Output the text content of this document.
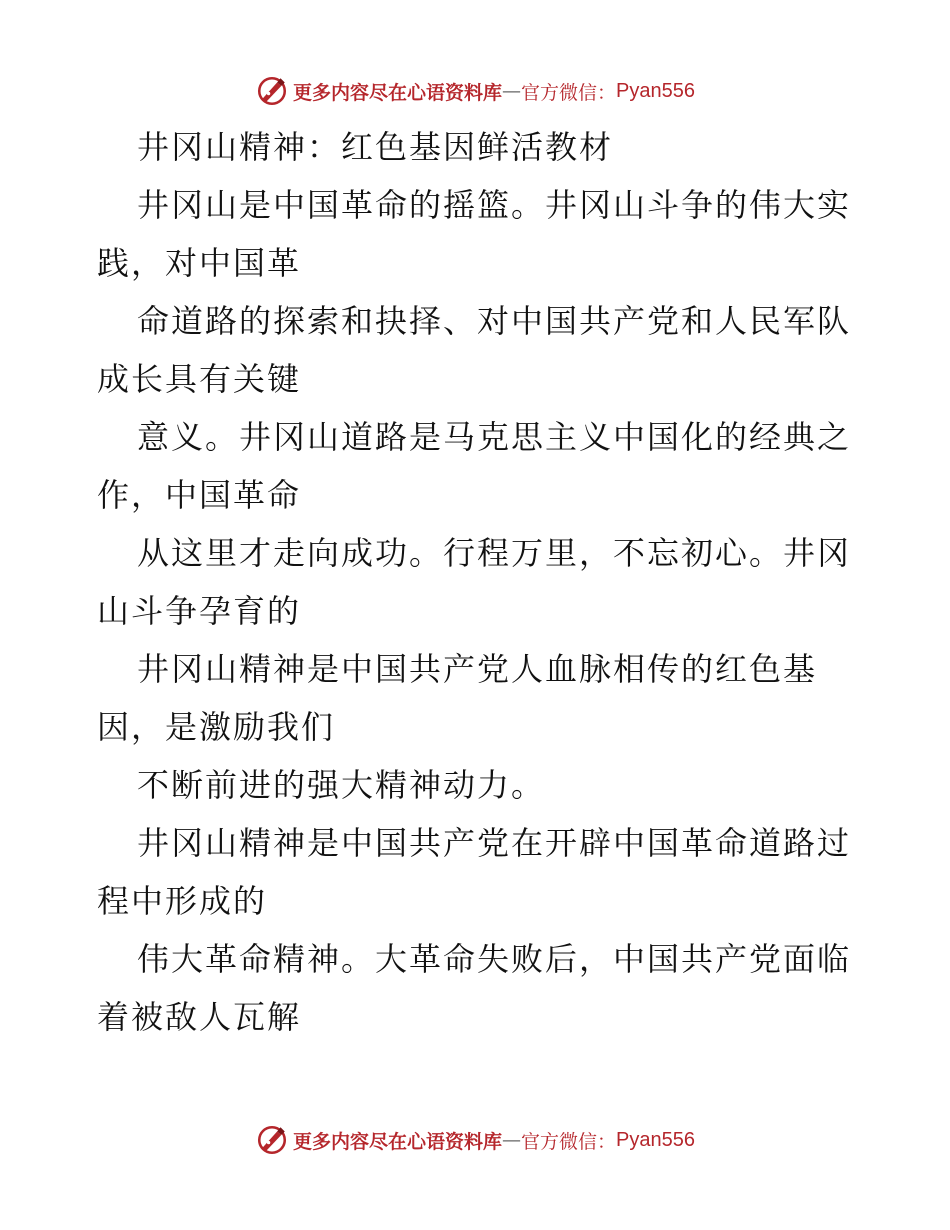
更多内容尽在心语资料库 — 官方微信： Pyan556
井冈山精神：红色基因鲜活教材
井冈山是中国革命的摇篮。井冈山斗争的伟大实
践，对中国革
命道路的探索和抉择、对中国共产党和人民军队
成长具有关键
意义。井冈山道路是马克思主义中国化的经典之
作，中国革命
从这里才走向成功。行程万里，不忘初心。井冈
山斗争孕育的
井冈山精神是中国共产党人血脉相传的红色基
因，是激励我们
不断前进的强大精神动力。
井冈山精神是中国共产党在开辟中国革命道路过
程中形成的
伟大革命精神。大革命失败后，中国共产党面临
着被敌人瓦解
更多内容尽在心语资料库 — 官方微信： Pyan556
